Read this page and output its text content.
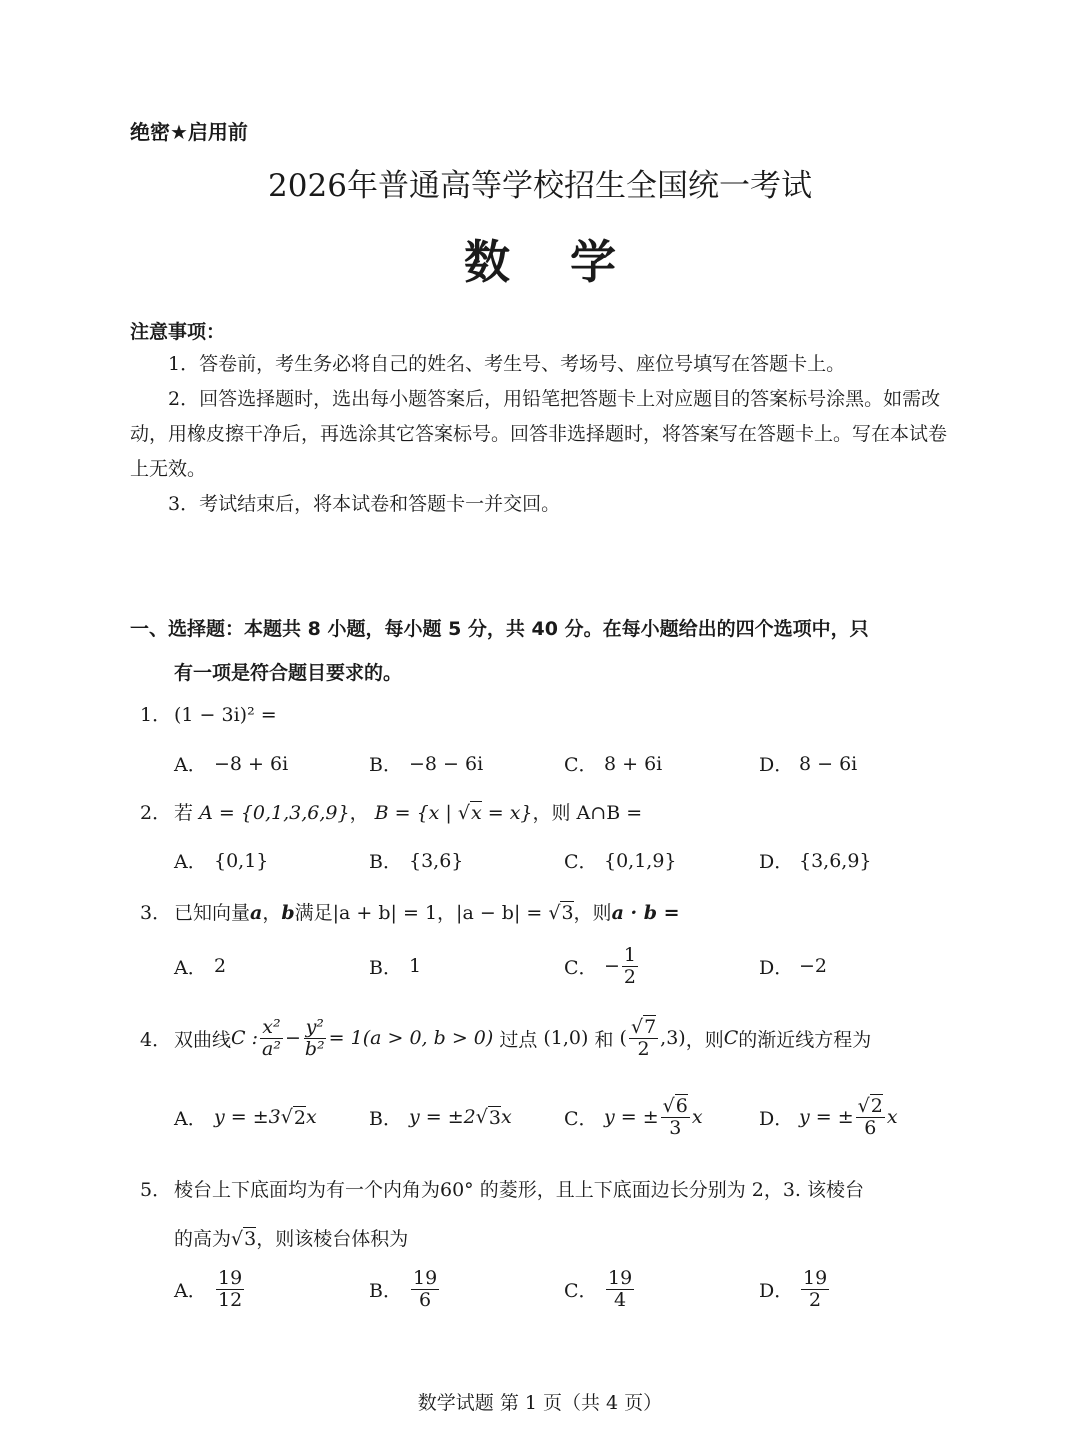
绝密★启用前
2026年普通高等学校招生全国统一考试
数学
注意事项：

1．答卷前，考生务必将自己的姓名、考生号、考场号、座位号填写在答题卡上。

2．回答选择题时，选出每小题答案后，用铅笔把答题卡上对应题目的答案标号涂黑。如需改动，用橡皮擦干净后，再选涂其它答案标号。回答非选择题时，将答案写在答题卡上。写在本试卷上无效。

3．考试结束后，将本试卷和答题卡一并交回。

一、选择题：本题共 8 小题，每小题 5 分，共 40 分。在每小题给出的四个选项中，只
有一项是符合题目要求的。
1． (1 − 3i)² =
A． −8 + 6i	B． −8 − 6i	C． 8 + 6i	D． 8 − 6i
2． 若 A = {0,1,3,6,9}， B = {x | √x = x}，则 A∩B =
A． {0,1}	B． {3,6}	C． {0,1,9}	D． {3,6,9}
3． 已知向量a，b满足|a + b| = 1，|a − b| = √3，则a · b =
A． 2	B． 1	C． − $\frac{1}{2}$	D． −2
4． 双曲线 C : $\frac{\text{x²}}{\text{a²}} - \frac{\text{y²}}{\text{b²}} = 1(a > 0$, b > 0)
过点
(1,0)
和
( $\frac{√7}{2} ,3$) ，则 C 的渐近线方程为
A． y = ±3 √ 2 x	B． y = ±2 √ 3 x	C． y = ± $\frac{√6}{3}$ x	D． y = ± $\frac{√2}{6}$ x
5． 棱台上下底面均为有一个内角为60° 的菱形，且上下底面边长分别为 2，3. 该棱台
的高为√3，则该棱台体积为
A． $\frac{19}{12}$	B． $\frac{19}{6}$	C． $\frac{19}{4}$	D． $\frac{19}{2}$
数学试题 第 1 页（共 4 页）
